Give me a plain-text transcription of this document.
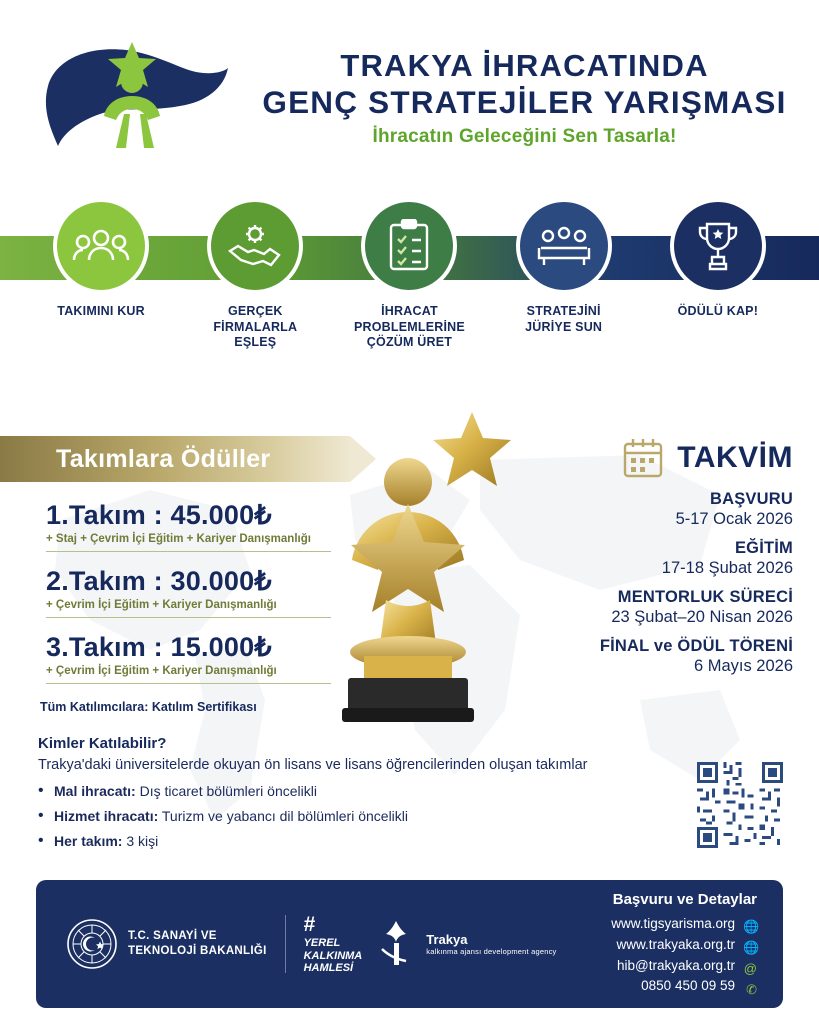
TRAKYA İHRACATINDA
GENÇ STRATEJİLER YARIŞMASI
İhracatın Geleceğini Sen Tasarla!
TAKIMINI KUR	GERÇEK FİRMALARLA EŞLEŞ
İHRACAT PROBLEMLERİNE ÇÖZÜM ÜRET
STRATEJİNİ JÜRİYE SUN
ÖDÜLÜ KAP!
Takımlara Ödüller
1.Takım : 45.000₺
+ Staj + Çevrim İçi Eğitim + Kariyer Danışmanlığı
2.Takım : 30.000₺
+ Çevrim İçi Eğitim + Kariyer Danışmanlığı
3.Takım : 15.000₺
+ Çevrim İçi Eğitim + Kariyer Danışmanlığı
Tüm Katılımcılara: Katılım Sertifikası
TAKVİM
BAŞVURU
5-17 Ocak 2026
EĞİTİM
17-18 Şubat 2026
MENTORLUK SÜRECİ
23 Şubat–20 Nisan 2026
FİNAL ve ÖDÜL TÖRENİ
6 Mayıs 2026
Kimler Katılabilir?
Trakya'daki üniversitelerde okuyan ön lisans ve lisans öğrencilerinden oluşan takımlar
• Mal ihracatı: Dış ticaret bölümleri öncelikli
• Hizmet ihracatı: Turizm ve yabancı dil bölümleri öncelikli
• Her takım: 3 kişi
T.C. SANAYİ VE
TEKNOLOJİ BAKANLIĞI
#
YEREL
KALKINMA
HAMLESİ
Trakya
kalkınma ajansı development agency
Başvuru ve Detaylar
www.tigsyarisma.org 🌐
www.trakyaka.org.tr 🌐
hib@trakyaka.org.tr @
0850 450 09 59 ✆
